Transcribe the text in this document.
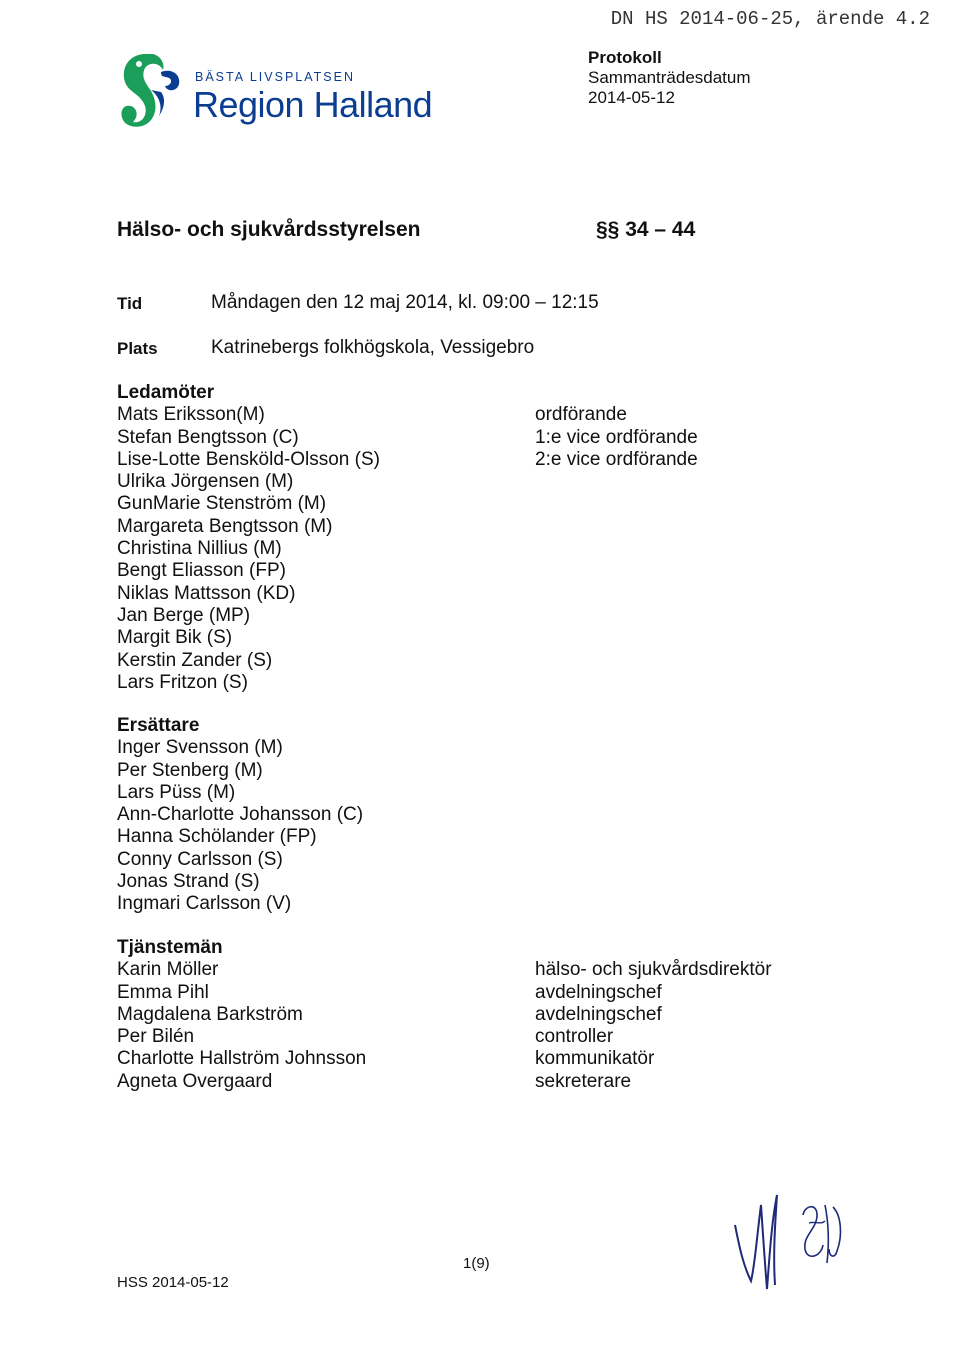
DN HS 2014-06-25, ärende 4.2
BÄSTA LIVSPLATSEN
Region Halland
Protokoll
Sammanträdesdatum
2014-05-12
Hälso- och sjukvårdsstyrelsen	§§ 34 – 44
Tid	Måndagen den 12 maj 2014, kl. 09:00 – 12:15
Plats	Katrinebergs folkhögskola, Vessigebro
Ledamöter
Mats Eriksson(M)	ordförande
Stefan Bengtsson (C)	1:e vice ordförande
Lise-Lotte Bensköld-Olsson (S)	2:e vice ordförande
Ulrika Jörgensen (M)
GunMarie Stenström (M)
Margareta Bengtsson (M)
Christina Nillius (M)
Bengt Eliasson (FP)
Niklas Mattsson (KD)
Jan Berge (MP)
Margit Bik (S)
Kerstin Zander (S)
Lars Fritzon (S)
Ersättare
Inger Svensson (M)
Per Stenberg (M)
Lars Püss (M)
Ann-Charlotte Johansson (C)
Hanna Schölander (FP)
Conny Carlsson (S)
Jonas Strand (S)
Ingmari Carlsson (V)
Tjänstemän
Karin Möller	hälso- och sjukvårdsdirektör
Emma Pihl	avdelningschef
Magdalena Barkström	avdelningschef
Per Bilén	controller
Charlotte Hallström Johnsson	kommunikatör
Agneta Overgaard	sekreterare
1(9)
HSS 2014-05-12
